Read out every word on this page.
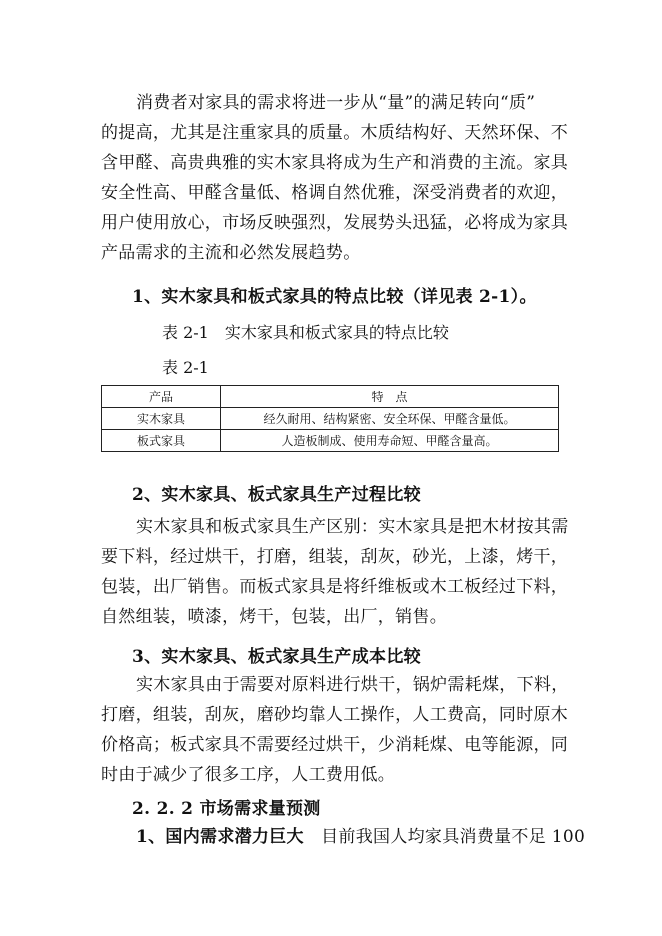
消费者对家具的需求将进一步从“量”的满足转向“质”
的提高，尤其是注重家具的质量。木质结构好、天然环保、不
含甲醛、高贵典雅的实木家具将成为生产和消费的主流。家具
安全性高、甲醛含量低、格调自然优雅，深受消费者的欢迎，
用户使用放心，市场反映强烈，发展势头迅猛，必将成为家具
产品需求的主流和必然发展趋势。

1、实木家具和板式家具的特点比较（详见表 2-1）。

表 2-1　实木家具和板式家具的特点比较

表 2-1

产品	特　点
实木家具	经久耐用、结构紧密、安全环保、甲醛含量低。
板式家具	人造板制成、使用寿命短、甲醛含量高。

2、实木家具、板式家具生产过程比较

实木家具和板式家具生产区别：实木家具是把木材按其需
要下料，经过烘干，打磨，组装，刮灰，砂光，上漆，烤干，
包装，出厂销售。而板式家具是将纤维板或木工板经过下料，
自然组装，喷漆，烤干，包装，出厂，销售。

3、实木家具、板式家具生产成本比较

实木家具由于需要对原料进行烘干，锅炉需耗煤，下料，
打磨，组装，刮灰，磨砂均靠人工操作，人工费高，同时原木
价格高；板式家具不需要经过烘干，少消耗煤、电等能源，同
时由于减少了很多工序，人工费用低。

2. 2. 2 市场需求量预测

1、国内需求潜力巨大　目前我国人均家具消费量不足 100
